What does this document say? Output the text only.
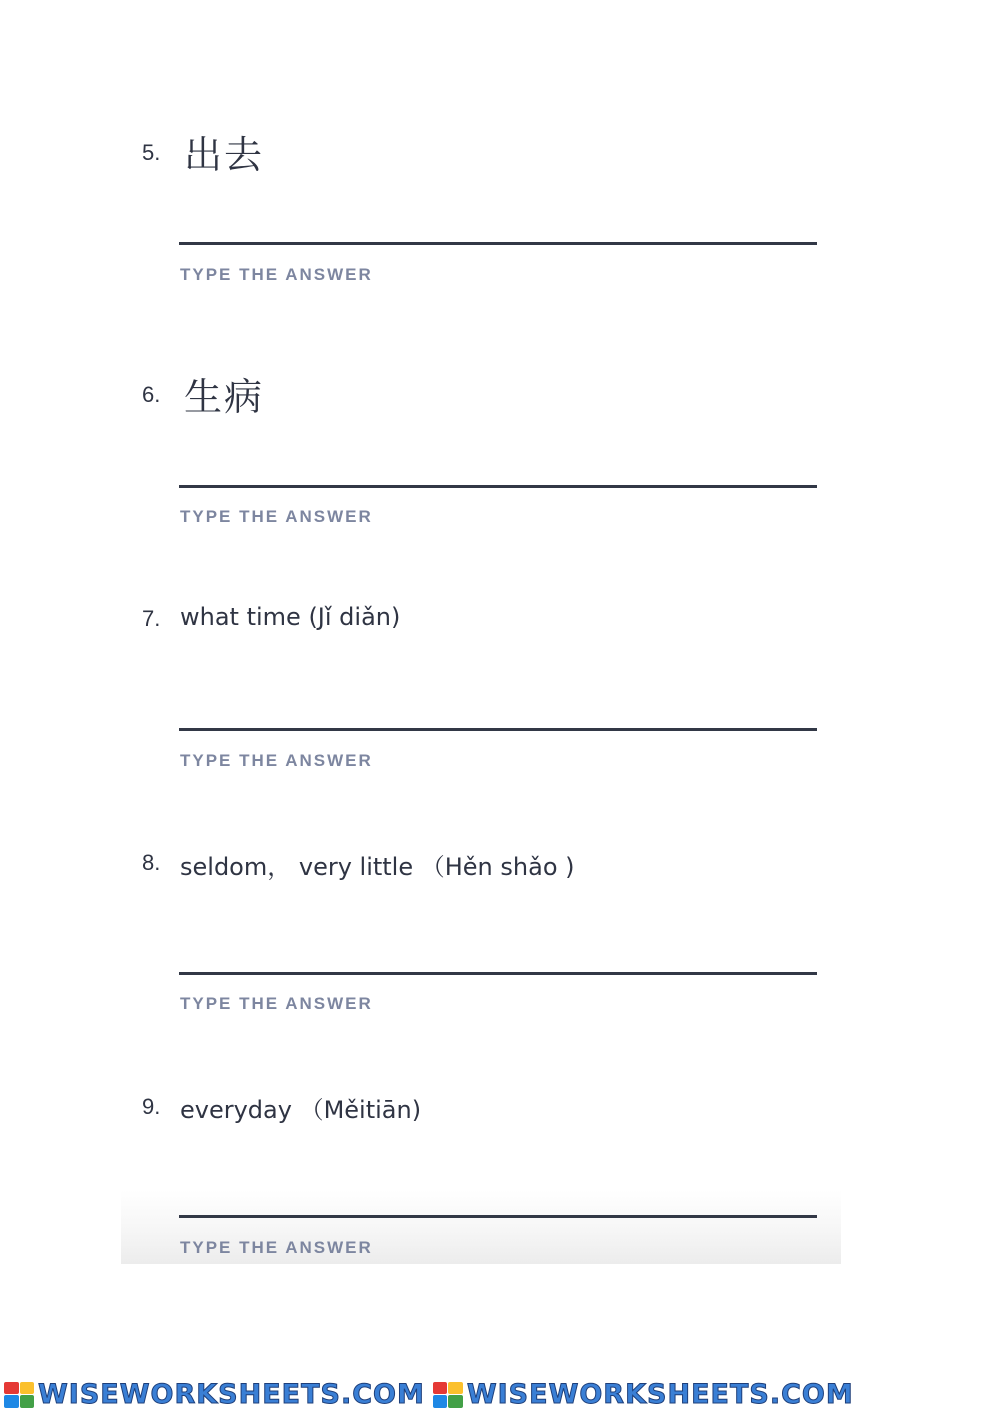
5. 出去
TYPE THE ANSWER
6. 生病
TYPE THE ANSWER
7. what time (Jǐ diǎn)
TYPE THE ANSWER
8. seldom， very little （Hěn shǎo )
TYPE THE ANSWER
9. everyday （Měitiān)
TYPE THE ANSWER
WISEWORKSHEETS.COM WISEWORKSHEETS.COM
